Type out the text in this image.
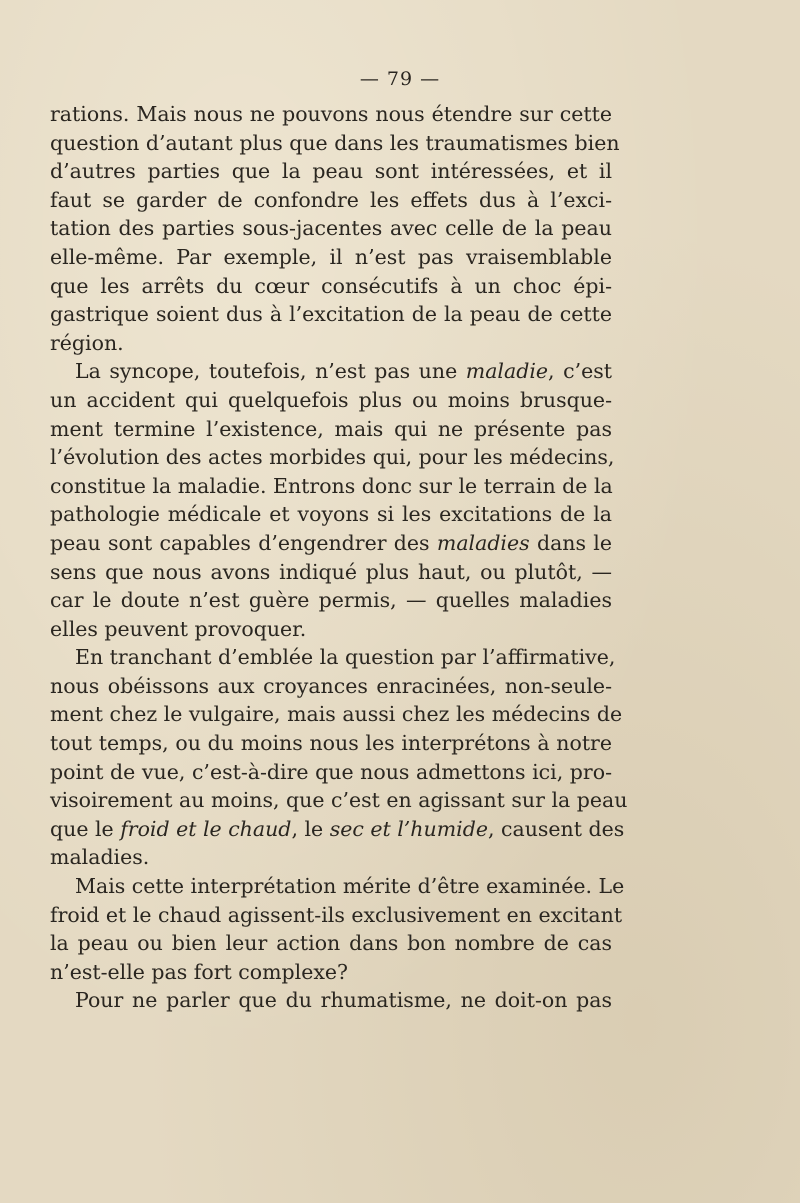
— 79 —
rations. Mais nous ne pouvons nous étendre sur cette
question d’autant plus que dans les traumatismes bien
d’autres parties que la peau sont intéressées, et il
faut se garder de confondre les effets dus à l’exci-
tation des parties sous-jacentes avec celle de la peau
elle-même. Par exemple, il n’est pas vraisemblable
que les arrêts du cœur consécutifs à un choc épi-
gastrique soient dus à l’excitation de la peau de cette
région.
La syncope, toutefois, n’est pas une maladie, c’est
un accident qui quelquefois plus ou moins brusque-
ment termine l’existence, mais qui ne présente pas
l’évolution des actes morbides qui, pour les médecins,
constitue la maladie. Entrons donc sur le terrain de la
pathologie médicale et voyons si les excitations de la
peau sont capables d’engendrer des maladies dans le
sens que nous avons indiqué plus haut, ou plutôt, —
car le doute n’est guère permis, — quelles maladies
elles peuvent provoquer.
En tranchant d’emblée la question par l’affirmative,
nous obéissons aux croyances enracinées, non-seule-
ment chez le vulgaire, mais aussi chez les médecins de
tout temps, ou du moins nous les interprétons à notre
point de vue, c’est-à-dire que nous admettons ici, pro-
visoirement au moins, que c’est en agissant sur la peau
que le froid et le chaud, le sec et l’humide, causent des
maladies.
Mais cette interprétation mérite d’être examinée. Le
froid et le chaud agissent-ils exclusivement en excitant
la peau ou bien leur action dans bon nombre de cas
n’est-elle pas fort complexe?
Pour ne parler que du rhumatisme, ne doit-on pas
